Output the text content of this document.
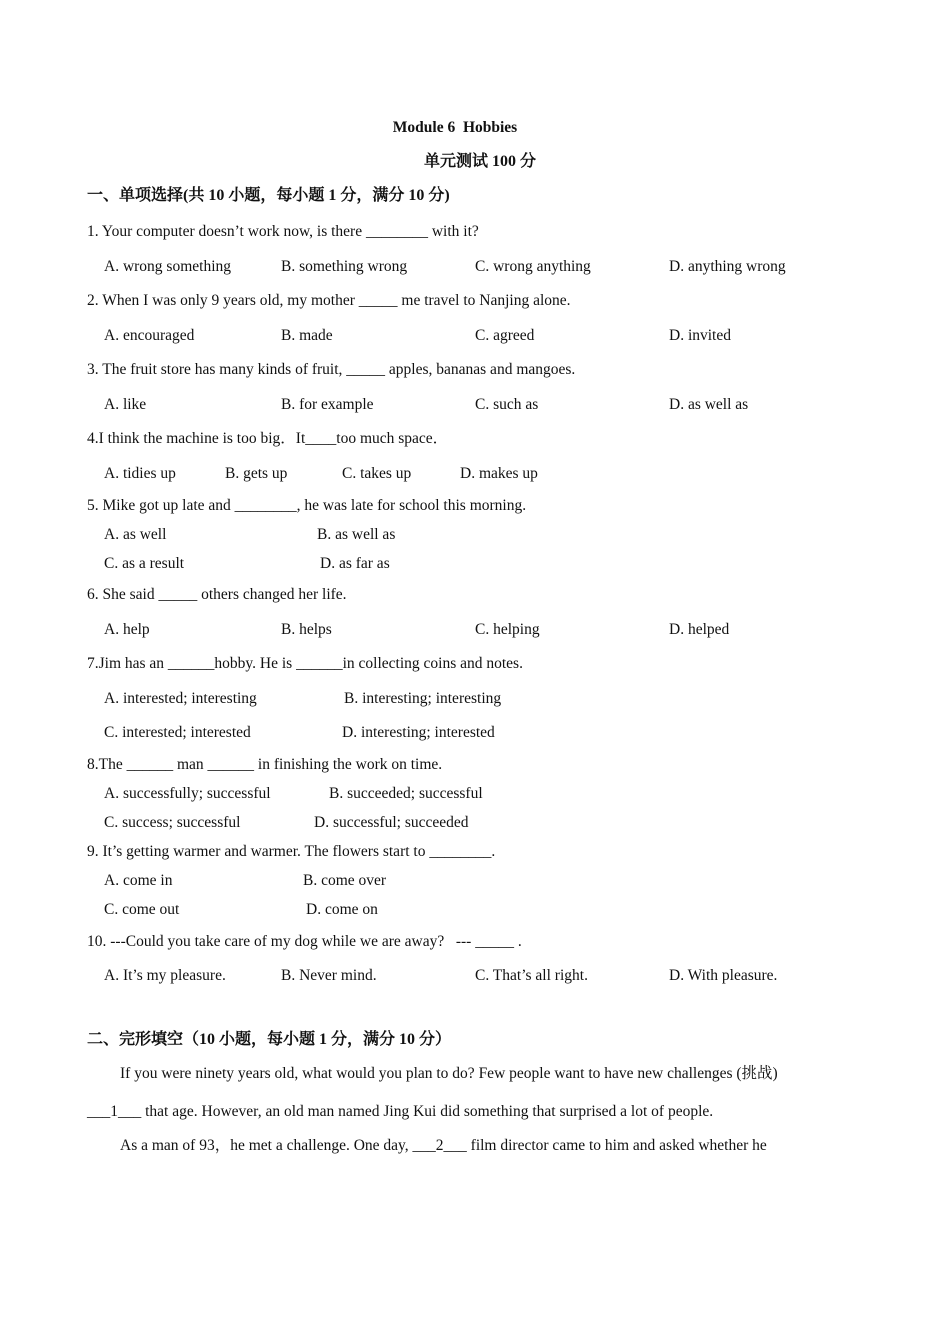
Module 6  Hobbies
单元测试 100 分
一、单项选择(共 10 小题，每小题 1 分，满分 10 分)
1. Your computer doesn’t work now, is there ________ with it?
A. wrong something	B. something wrong	C. wrong anything	D. anything wrong
2. When I was only 9 years old, my mother _____ me travel to Nanjing alone.
A. encouraged	B. made	C. agreed	D. invited
3. The fruit store has many kinds of fruit, _____ apples, bananas and mangoes.
A. like	B. for example	C. such as	D. as well as
4.I think the machine is too big．It____too much space．
A. tidies up	B. gets up	C. takes up	D. makes up
5. Mike got up late and ________, he was late for school this morning.
A. as well	B. as well as
C. as a result	D. as far as
6. She said _____ others changed her life.
A. help	B. helps	C. helping	D. helped
7.Jim has an ______hobby. He is ______in collecting coins and notes.
A. interested; interesting	B. interesting; interesting
C. interested; interested	D. interesting; interested
8.The ______ man ______ in finishing the work on time.
A. successfully; successful	B. succeeded; successful
C. success; successful	D. successful; succeeded
9. It’s getting warmer and warmer. The flowers start to ________.
A. come in	B. come over
C. come out	D. come on
10. ---Could you take care of my dog while we are away?   --- _____ .
A. It’s my pleasure.	B. Never mind.	C. That’s all right.	D. With pleasure.
二、完形填空（10 小题，每小题 1 分，满分 10 分）
If you were ninety years old, what would you plan to do? Few people want to have new challenges (挑战)
___1___ that age. However, an old man named Jing Kui did something that surprised a lot of people.
As a man of 93，he met a challenge. One day, ___2___ film director came to him and asked whether he
